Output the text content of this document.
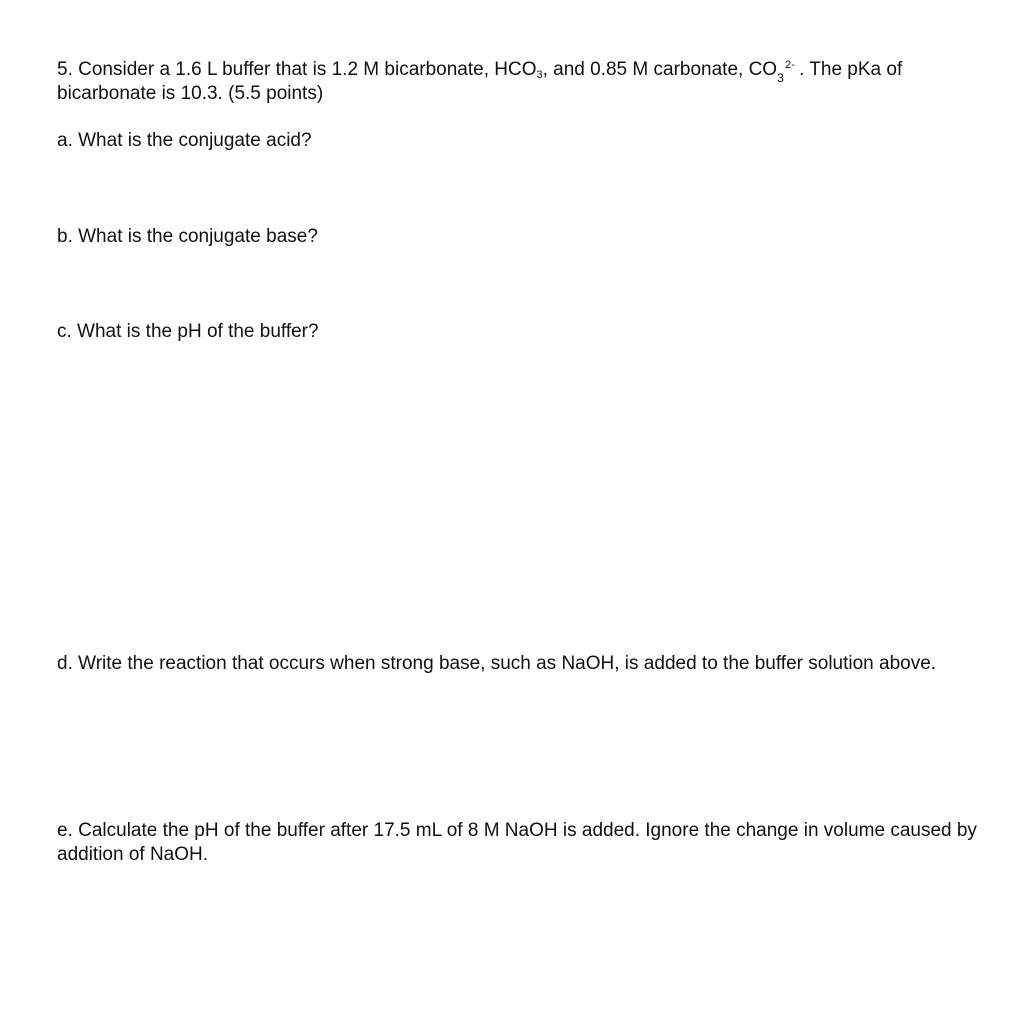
5. Consider a 1.6 L buffer that is 1.2 M bicarbonate, $HCO_3$, and 0.85 M carbonate, CO 3
2- . The pKa of bicarbonate is 10.3. (5.5 points)

a. What is the conjugate acid?

b. What is the conjugate base?

c. What is the pH of the buffer?

d. Write the reaction that occurs when strong base, such as NaOH, is added to the buffer solution above.

e. Calculate the pH of the buffer after 17.5 mL of 8 M NaOH is added. Ignore the change in volume caused by addition of NaOH.
